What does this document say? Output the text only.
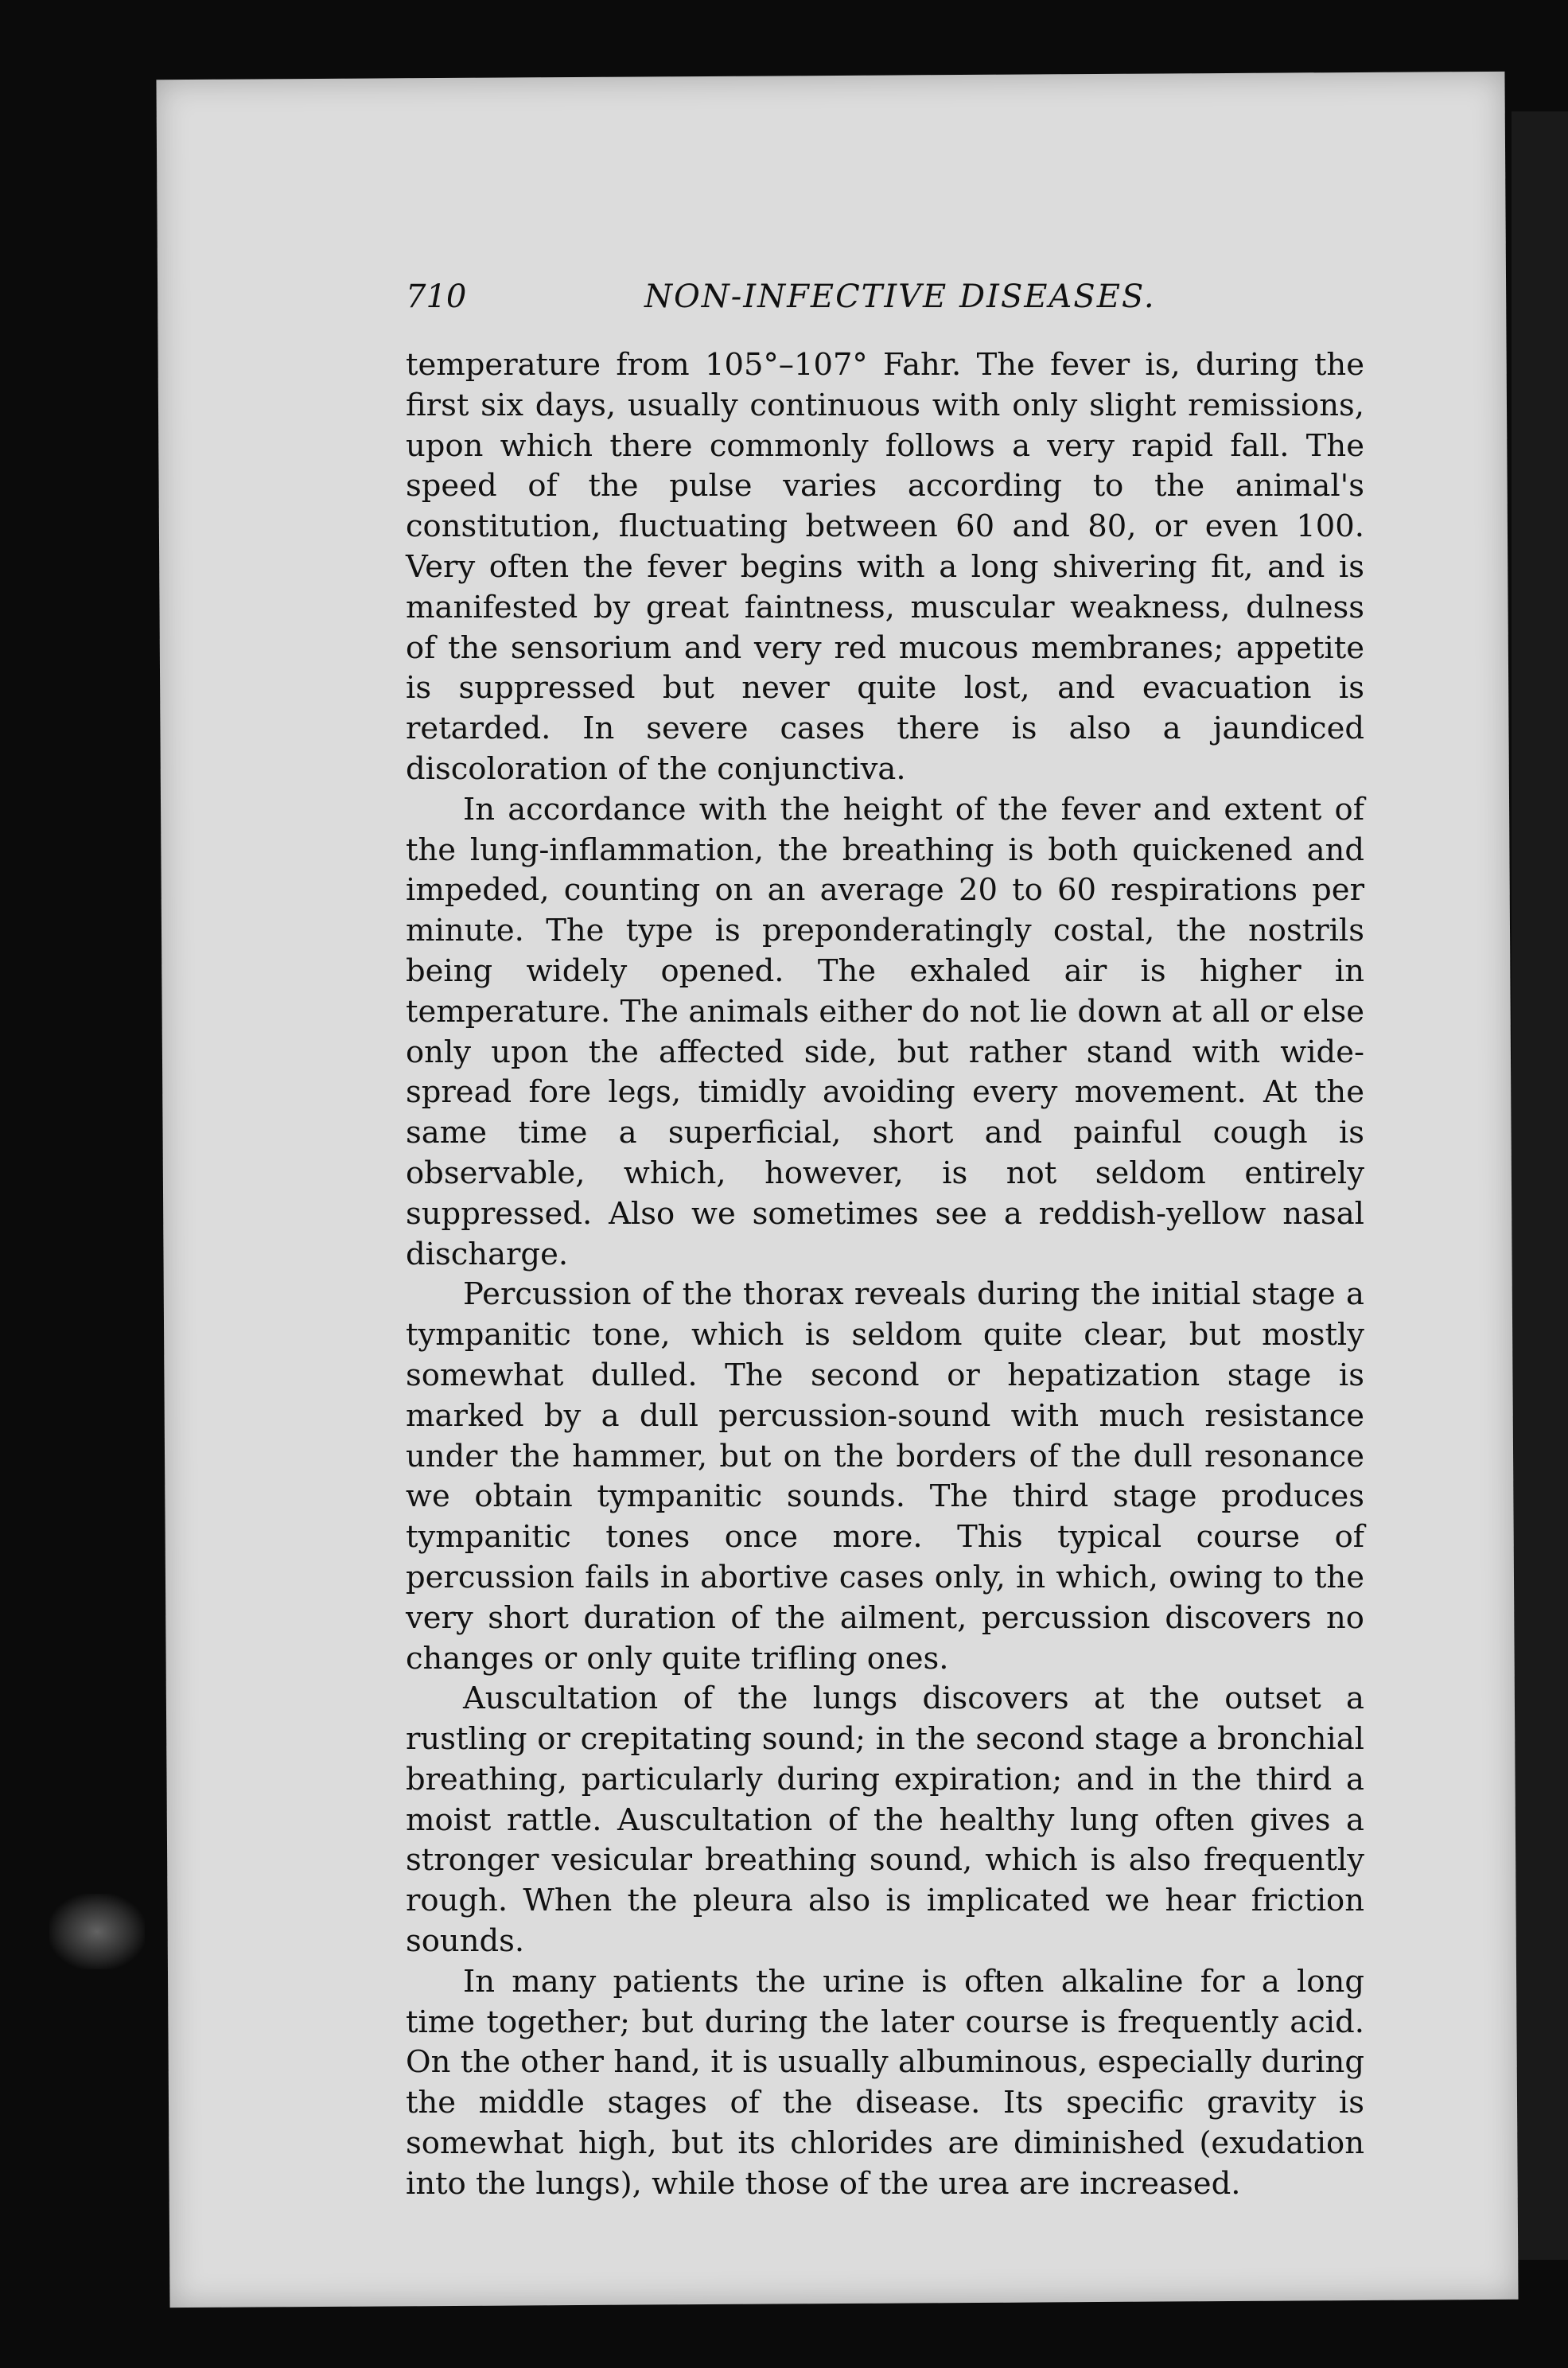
710	NON-INFECTIVE DISEASES.

temperature from 105°–107° Fahr. The fever is, during the first six days, usually continuous with only slight remissions, upon which there commonly follows a very rapid fall. The speed of the pulse varies according to the animal's constitution, fluctuating between 60 and 80, or even 100. Very often the fever begins with a long shivering fit, and is manifested by great faintness, muscular weakness, dulness of the sensorium and very red mucous membranes; appetite is suppressed but never quite lost, and evacuation is retarded. In severe cases there is also a jaundiced discoloration of the conjunctiva.

In accordance with the height of the fever and extent of the lung-inflammation, the breathing is both quickened and impeded, counting on an average 20 to 60 respirations per minute. The type is preponderatingly costal, the nostrils being widely opened. The exhaled air is higher in temperature. The animals either do not lie down at all or else only upon the affected side, but rather stand with wide-spread fore legs, timidly avoiding every movement. At the same time a superficial, short and painful cough is observable, which, however, is not seldom entirely suppressed. Also we sometimes see a reddish-yellow nasal discharge.

Percussion of the thorax reveals during the initial stage a tympanitic tone, which is seldom quite clear, but mostly somewhat dulled. The second or hepatization stage is marked by a dull percussion-sound with much resistance under the hammer, but on the borders of the dull resonance we obtain tympanitic sounds. The third stage produces tympanitic tones once more. This typical course of percussion fails in abortive cases only, in which, owing to the very short duration of the ailment, percussion discovers no changes or only quite trifling ones.

Auscultation of the lungs discovers at the outset a rustling or crepitating sound; in the second stage a bronchial breathing, particularly during expiration; and in the third a moist rattle. Auscultation of the healthy lung often gives a stronger vesicular breathing sound, which is also frequently rough. When the pleura also is implicated we hear friction sounds.

In many patients the urine is often alkaline for a long time together; but during the later course is frequently acid. On the other hand, it is usually albuminous, especially during the middle stages of the disease. Its specific gravity is somewhat high, but its chlorides are diminished (exudation into the lungs), while those of the urea are increased.
